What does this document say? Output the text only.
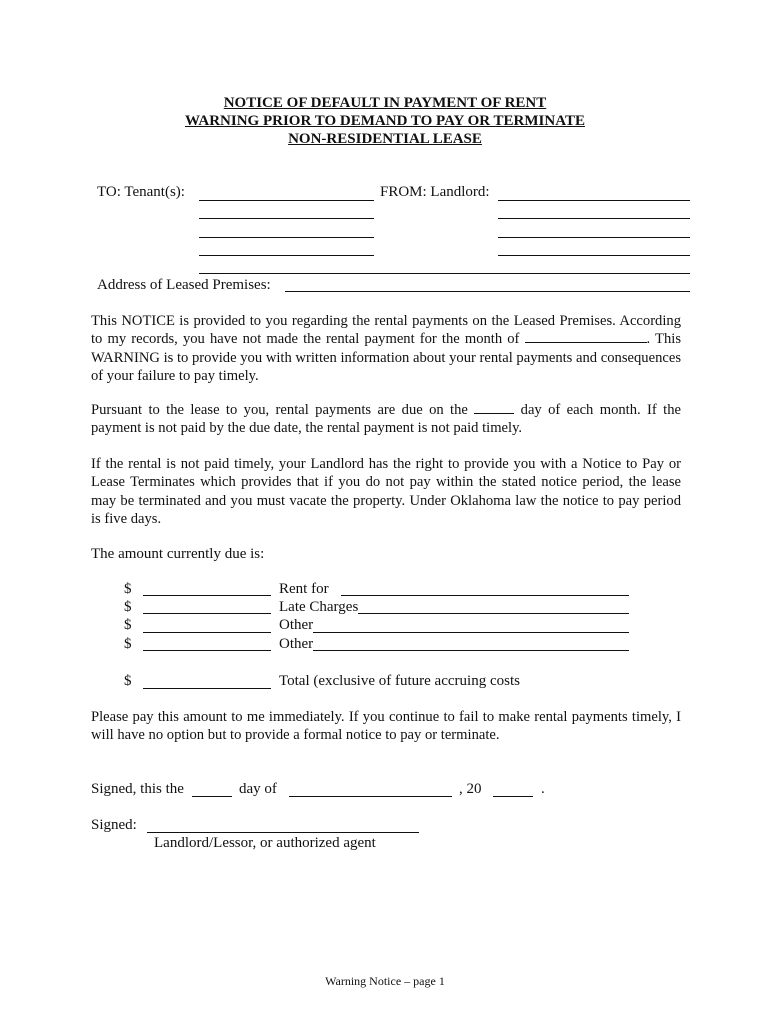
NOTICE OF DEFAULT IN PAYMENT OF RENT
WARNING PRIOR TO DEMAND TO PAY OR TERMINATE
NON-RESIDENTIAL LEASE
TO: Tenant(s):	FROM: Landlord:
Address of Leased Premises:
This NOTICE is provided to you regarding the rental payments on the Leased Premises. According to my records, you have not made the rental payment for the month of	. This WARNING is to provide you with written information about your rental payments and consequences of your failure to pay timely.
Pursuant to the lease to you, rental payments are due on the	day of each month. If the payment is not paid by the due date, the rental payment is not paid timely.
If the rental is not paid timely, your Landlord has the right to provide you with a Notice to Pay or Lease Terminates which provides that if you do not pay within the stated notice period, the lease may be terminated and you must vacate the property. Under Oklahoma law the notice to pay period is five days.
The amount currently due is:
$	Rent for
$	Late Charges
$	Other
$	Other
$	Total (exclusive of future accruing costs
Please pay this amount to me immediately. If you continue to fail to make rental payments timely, I will have no option but to provide a formal notice to pay or terminate.
Signed, this the	day of	, 20	.
Signed:
Landlord/Lessor, or authorized agent
Warning Notice – page 1
